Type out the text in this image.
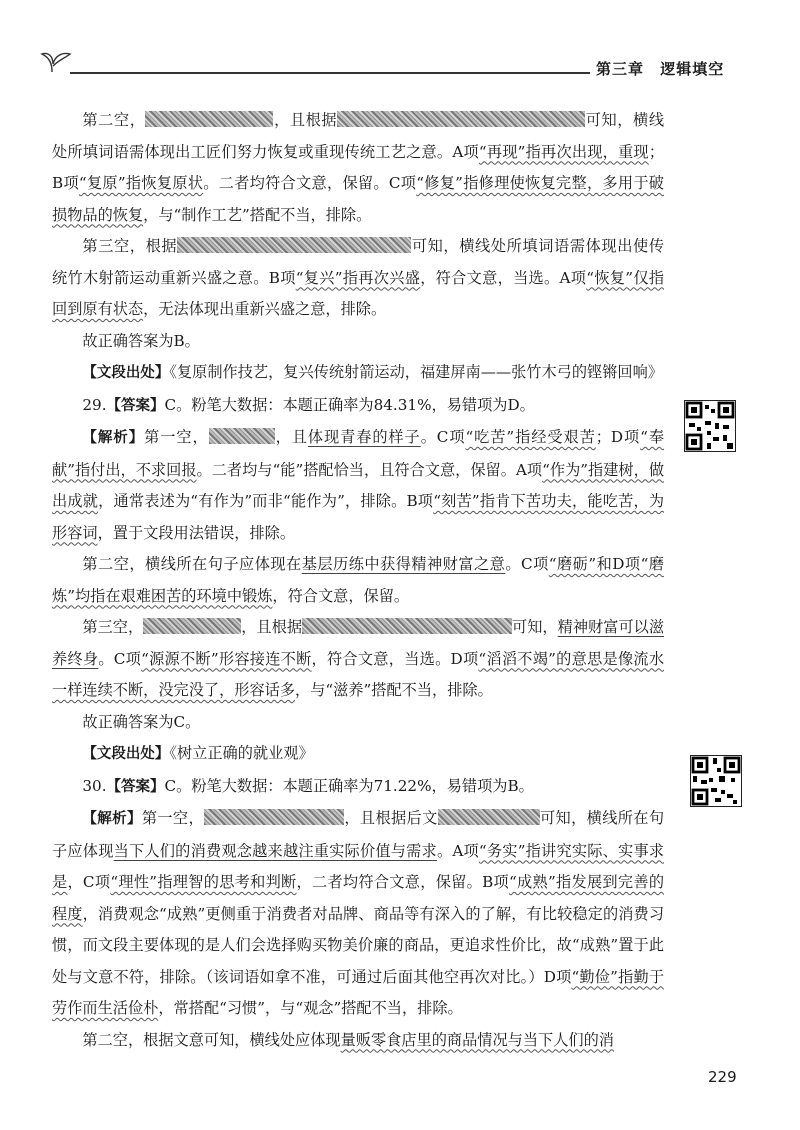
第三章 逻辑填空

第二空，	，且根据	可知，横线处所填词语需体现出工匠们努力恢复或重现传统工艺之意。A项“再现”指再次出现，重现；B项“复原”指恢复原状。二者均符合文意，保留。C项“修复”指修理使恢复完整，多用于破损物品的恢复，与“制作工艺”搭配不当，排除。

第三空，根据	可知，横线处所填词语需体现出使传统竹木射箭运动重新兴盛之意。B项“复兴”指再次兴盛，符合文意，当选。A项“恢复”仅指回到原有状态，无法体现出重新兴盛之意，排除。

故正确答案为B。

【文段出处】《复原制作技艺，复兴传统射箭运动，福建屏南——张竹木弓的铿锵回响》

29.【答案】C。粉笔大数据：本题正确率为84.31%，易错项为D。

【解析】第一空，	，且体现青春的样子。C项“吃苦”指经受艰苦；D项“奉献”指付出，不求回报。二者均与“能”搭配恰当，且符合文意，保留。A项“作为”指建树，做出成就，通常表述为“有作为”而非“能作为”，排除。B项“刻苦”指肯下苦功夫，能吃苦，为形容词，置于文段用法错误，排除。

第二空，横线所在句子应体现在基层历练中获得精神财富之意。C项“磨砺”和D项“磨炼”均指在艰难困苦的环境中锻炼，符合文意，保留。

第三空，	，且根据	可知，精神财富可以滋养终身。C项“源源不断”形容接连不断，符合文意，当选。D项“滔滔不竭”的意思是像流水一样连续不断，没完没了，形容话多，与“滋养”搭配不当，排除。

故正确答案为C。

【文段出处】《树立正确的就业观》

30.【答案】C。粉笔大数据：本题正确率为71.22%，易错项为B。

【解析】第一空，	，且根据后文	可知，横线所在句子应体现当下人们的消费观念越来越注重实际价值与需求。A项“务实”指讲究实际、实事求是，C项“理性”指理智的思考和判断，二者均符合文意，保留。B项“成熟”指发展到完善的程度，消费观念“成熟”更侧重于消费者对品牌、商品等有深入的了解，有比较稳定的消费习惯，而文段主要体现的是人们会选择购买物美价廉的商品，更追求性价比，故“成熟”置于此处与文意不符，排除。（该词语如拿不准，可通过后面其他空再次对比。）D项“勤俭”指勤于劳作而生活俭朴，常搭配“习惯”，与“观念”搭配不当，排除。

第二空，根据文意可知，横线处应体现量贩零食店里的商品情况与当下人们的消

229
